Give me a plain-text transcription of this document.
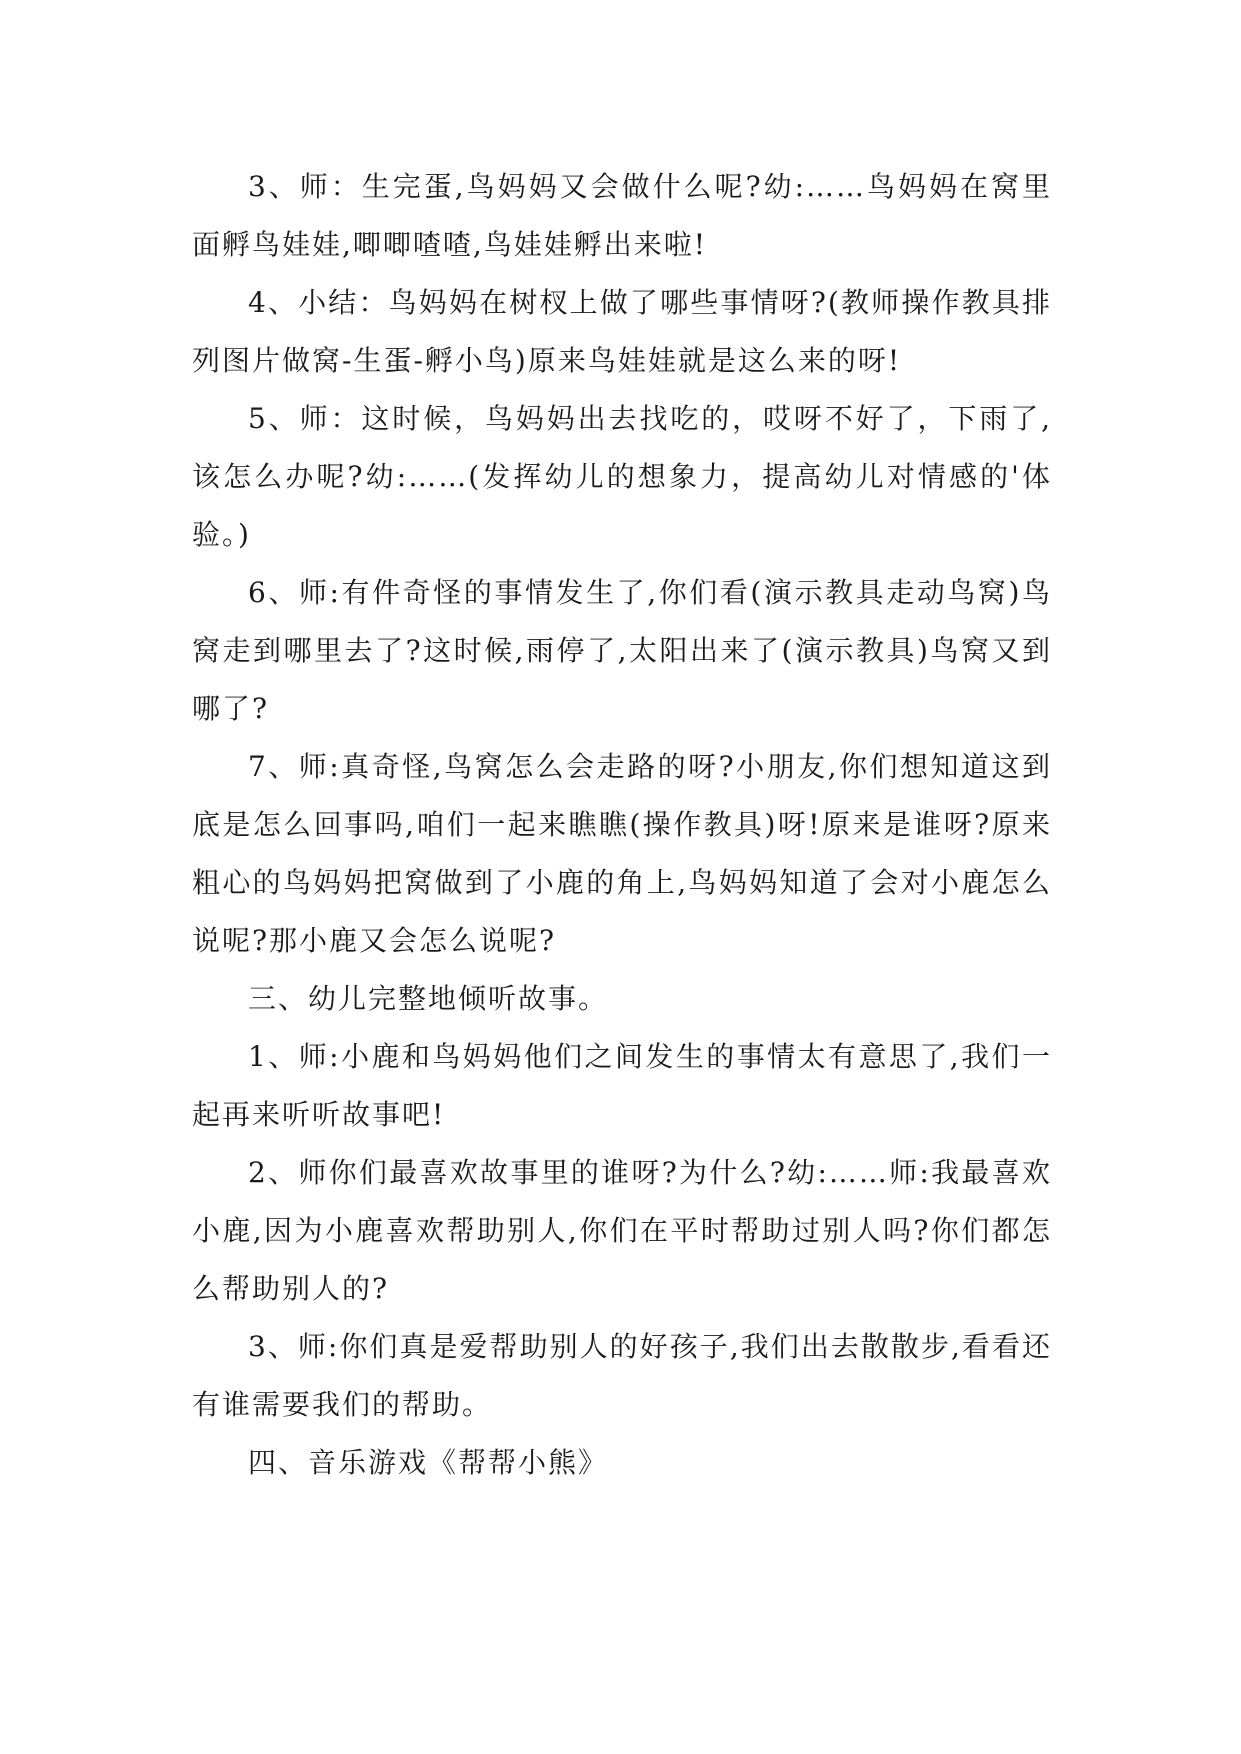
3、师：生完蛋,鸟妈妈又会做什么呢?幼:……鸟妈妈在窝里面孵鸟娃娃,唧唧喳喳,鸟娃娃孵出来啦!

4、小结：鸟妈妈在树杈上做了哪些事情呀?(教师操作教具排列图片做窝-生蛋-孵小鸟)原来鸟娃娃就是这么来的呀!

5、师：这时候，鸟妈妈出去找吃的，哎呀不好了，下雨了,该怎么办呢?幼:……(发挥幼儿的想象力，提高幼儿对情感的'体验。)

6、师:有件奇怪的事情发生了,你们看(演示教具走动鸟窝)鸟窝走到哪里去了?这时候,雨停了,太阳出来了(演示教具)鸟窝又到哪了?

7、师:真奇怪,鸟窝怎么会走路的呀?小朋友,你们想知道这到底是怎么回事吗,咱们一起来瞧瞧(操作教具)呀!原来是谁呀?原来粗心的鸟妈妈把窝做到了小鹿的角上,鸟妈妈知道了会对小鹿怎么说呢?那小鹿又会怎么说呢?

三、幼儿完整地倾听故事。

1、师:小鹿和鸟妈妈他们之间发生的事情太有意思了,我们一起再来听听故事吧!

2、师你们最喜欢故事里的谁呀?为什么?幼:……师:我最喜欢小鹿,因为小鹿喜欢帮助别人,你们在平时帮助过别人吗?你们都怎么帮助别人的?

3、师:你们真是爱帮助别人的好孩子,我们出去散散步,看看还有谁需要我们的帮助。

四、音乐游戏《帮帮小熊》
